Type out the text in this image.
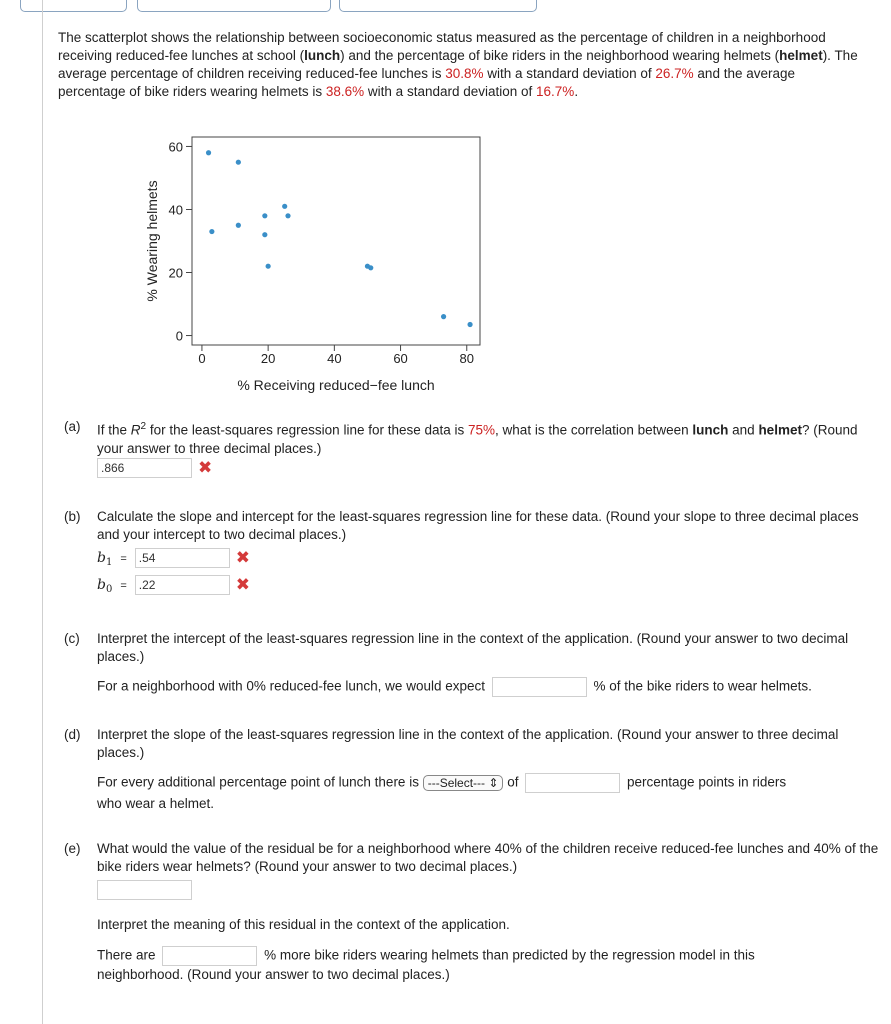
The scatterplot shows the relationship between socioeconomic status measured as the percentage of children in a neighborhood receiving reduced-fee lunches at school (lunch) and the percentage of bike riders in the neighborhood wearing helmets (helmet). The average percentage of children receiving reduced-fee lunches is 30.8% with a standard deviation of 26.7% and the average percentage of bike riders wearing helmets is 38.6% with a standard deviation of 16.7%.
0	20	40	60	80
0
20
40
60
% Receiving reduced−fee lunch
% Wearing helmets
(a) If the $R^2$ for the least-squares regression line for these data is 75%, what is the correlation between lunch and helmet? (Round your answer to three decimal places.)
.866	✖
(b) Calculate the slope and intercept for the least-squares regression line for these data. (Round your slope to three decimal places and your intercept to two decimal places.)
$b_1 = .54$	✖
$b_0 = .22$	✖
(c) Interpret the intercept of the least-squares regression line in the context of the application. (Round your answer to two decimal places.)
For a neighborhood with 0% reduced-fee lunch, we would expect	% of the bike riders to wear helmets.
(d) Interpret the slope of the least-squares regression line in the context of the application. (Round your answer to three decimal places.)
For every additional percentage point of lunch there is ---Select--- ⇕ of	percentage points in riders
who wear a helmet.
(e) What would the value of the residual be for a neighborhood where 40% of the children receive reduced-fee lunches and 40% of the bike riders wear helmets? (Round your answer to two decimal places.)
Interpret the meaning of this residual in the context of the application.
There are	% more bike riders wearing helmets than predicted by the regression model in this
neighborhood. (Round your answer to two decimal places.)
